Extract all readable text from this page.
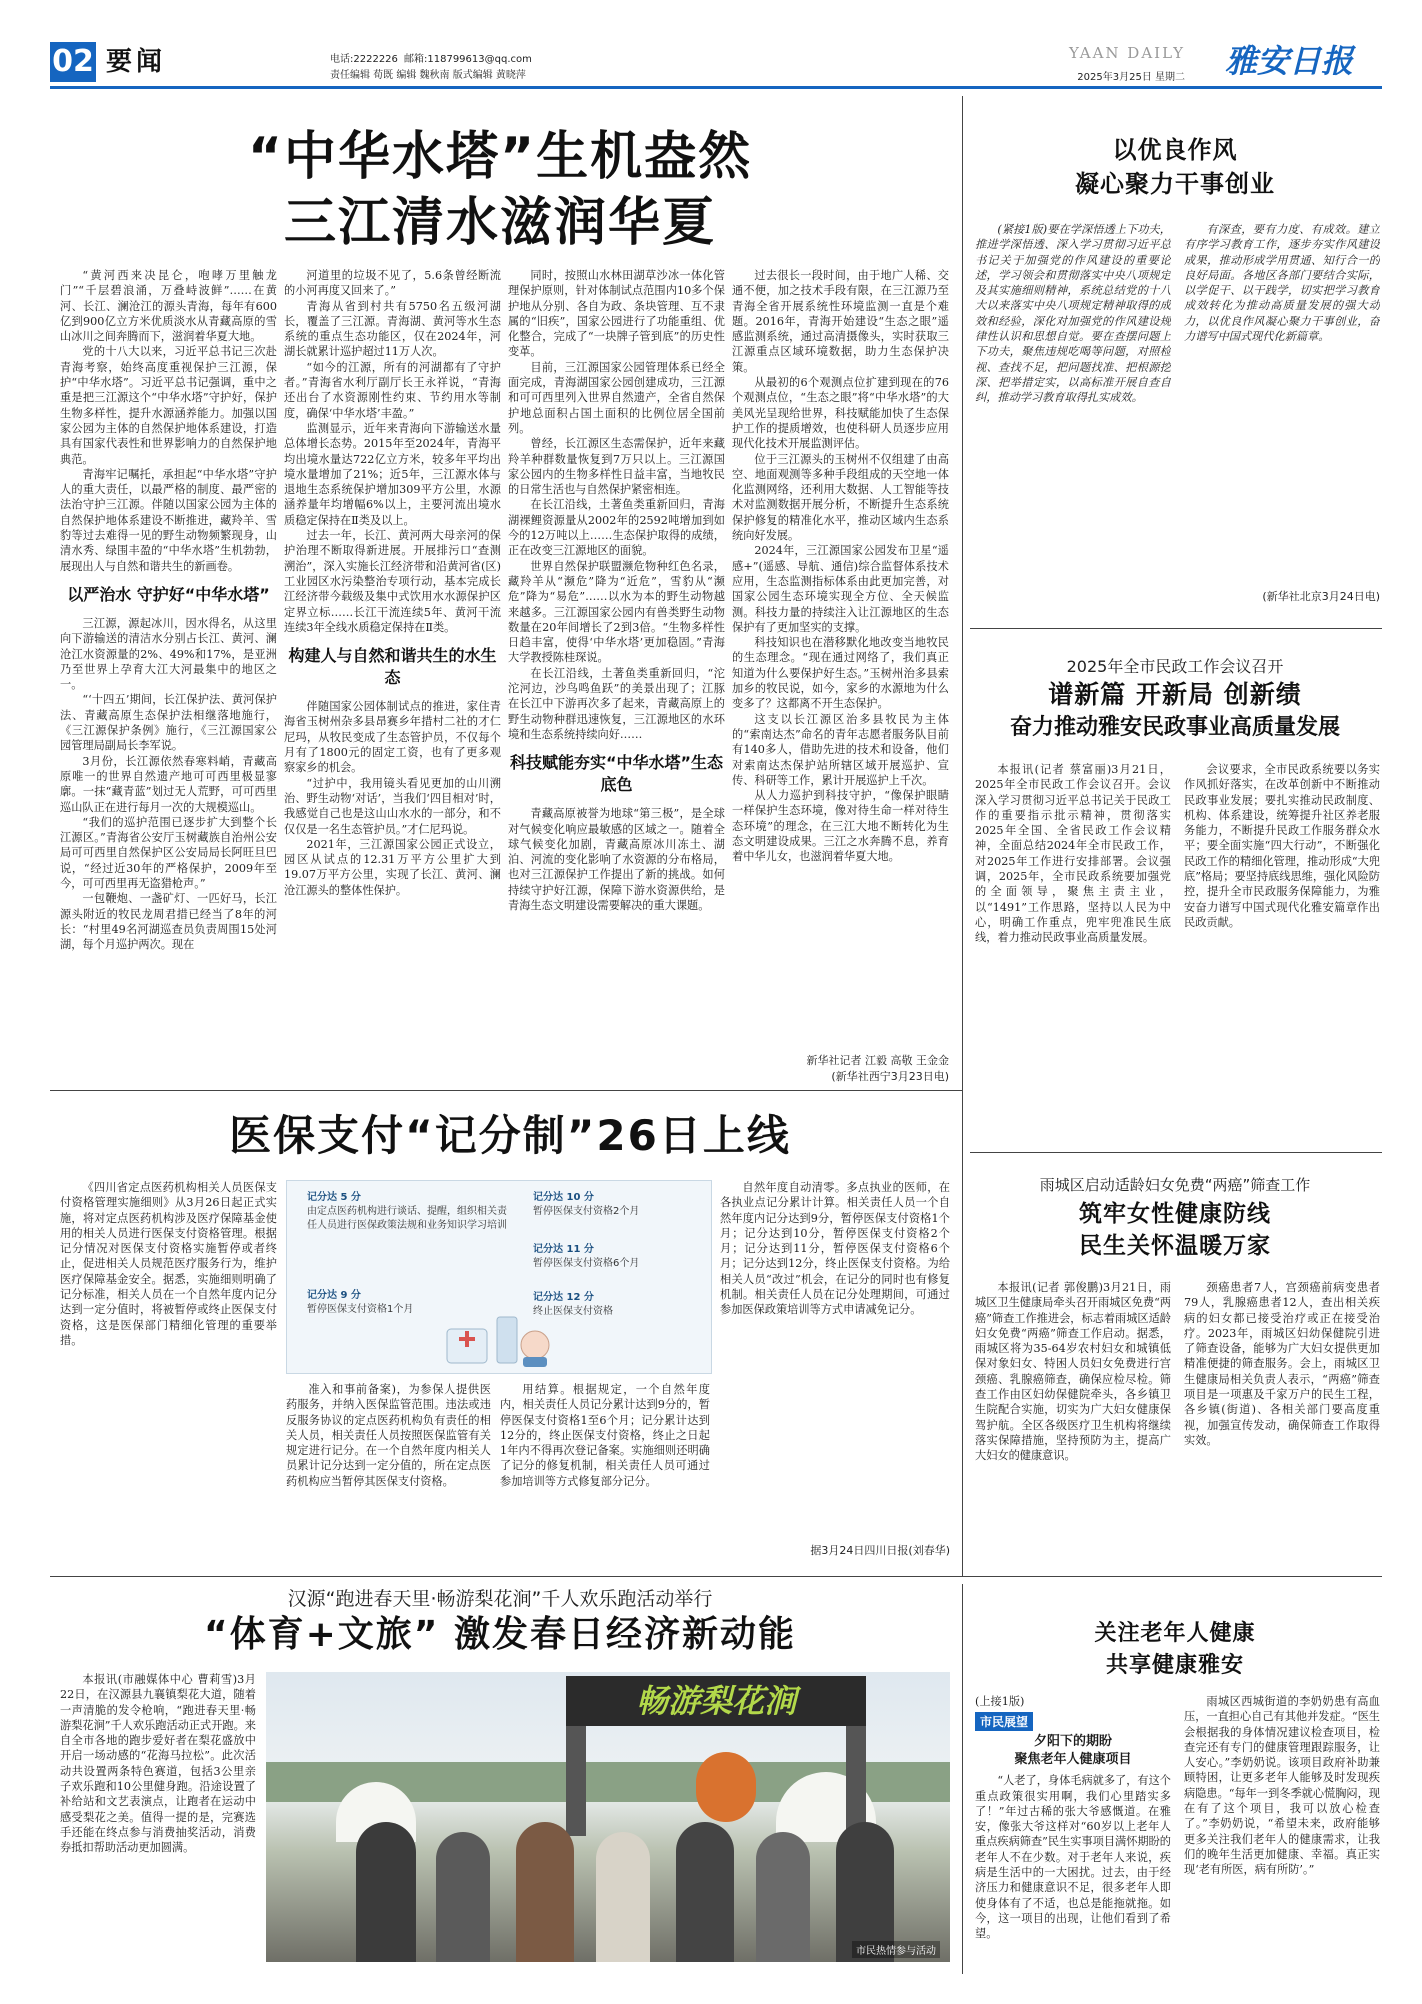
02 要闻	电话:2222226 邮箱:118799613@qq.com
责任编辑 荀既 编辑 魏秋南 版式编辑 黄晓萍
YAAN DAILY
2025年3月25日 星期二	雅安日报
“中华水塔”生机盎然
三江清水滋润华夏

“黄河西来决昆仑，咆哮万里触龙门”“千层碧浪涌，万叠峙波鲜”……在黄河、长江、澜沧江的源头青海，每年有600亿到900亿立方米优质淡水从青藏高原的雪山冰川之间奔腾而下，滋润着华夏大地。

党的十八大以来，习近平总书记三次赴青海考察，始终高度重视保护三江源，保护“中华水塔”。习近平总书记强调，重中之重是把三江源这个“中华水塔”守护好，保护生物多样性，提升水源涵养能力。加强以国家公园为主体的自然保护地体系建设，打造具有国家代表性和世界影响力的自然保护地典范。

青海牢记嘱托，承担起“中华水塔”守护人的重大责任，以最严格的制度、最严密的法治守护三江源。伴随以国家公园为主体的自然保护地体系建设不断推进，藏羚羊、雪豹等过去难得一见的野生动物频繁现身，山清水秀、绿围丰盈的“中华水塔”生机勃勃，展现出人与自然和谐共生的新画卷。

以严治水 守护好“中华水塔”

三江源，源起冰川，因水得名，从这里向下游输送的清洁水分别占长江、黄河、澜沧江水资源量的2%、49%和17%，是亚洲乃至世界上孕育大江大河最集中的地区之一。

“‘十四五’期间，长江保护法、黄河保护法、青藏高原生态保护法相继落地施行，《三江源保护条例》施行，《三江源国家公园管理局副局长李军说。

3月份，长江源依然春寒料峭，青藏高原唯一的世界自然遗产地可可西里极显寥廓。一抹“藏青蓝”划过无人荒野，可可西里巡山队正在进行每月一次的大规模巡山。

“我们的巡护范围已逐步扩大到整个长江源区。”青海省公安厅玉树藏族自治州公安局可可西里自然保护区公安局局长阿旺旦巴说，“经过近30年的严格保护，2009年至今，可可西里再无盗猎枪声。”

一包鞭炮、一盏矿灯、一匹好马，长江源头附近的牧民龙周君措已经当了8年的河长：“村里49名河湖巡查员负责周围15处河湖，每个月巡护两次。现在

河道里的垃圾不见了，5.6条曾经断流的小河再度又回来了。”

青海从省到村共有5750名五级河湖长，覆盖了三江源。青海湖、黄河等水生态系统的重点生态功能区，仅在2024年，河湖长就累计巡护超过11万人次。

“如今的江源，所有的河湖都有了守护者。”青海省水利厅副厅长王永祥说，“青海还出台了水资源刚性约束、节约用水等制度，确保‘中华水塔’丰盈。”

监测显示，近年来青海向下游输送水量总体增长态势。2015年至2024年，青海平均出境水量达722亿立方米，较多年平均出境水量增加了21%；近5年，三江源水体与退地生态系统保护增加309平方公里，水源涵养量年均增幅6%以上，主要河流出境水质稳定保持在Ⅱ类及以上。

过去一年，长江、黄河两大母亲河的保护治理不断取得新进展。开展排污口“查测溯治”，深入实施长江经济带和沿黄河省(区)工业园区水污染整治专项行动，基本完成长江经济带今载级及集中式饮用水水源保护区定界立标……长江干流连续5年、黄河干流连续3年全线水质稳定保持在Ⅱ类。

构建人与自然和谐共生的水生态

伴随国家公园体制试点的推进，家住青海省玉树州杂多县昂赛乡年措村二社的才仁尼玛，从牧民变成了生态管护员，不仅每个月有了1800元的固定工资，也有了更多观察家乡的机会。

“过护中，我用镜头看见更加的山川溯治、野生动物‘对话’，当我们‘四目相对’时，我感觉自己也是这山山水水的一部分，和不仅仅是一名生态管护员。”才仁尼玛说。

2021年，三江源国家公园正式设立，园区从试点的12.31万平方公里扩大到19.07万平方公里，实现了长江、黄河、澜沧江源头的整体性保护。

同时，按照山水林田湖草沙冰一体化管理保护原则，针对体制试点范围内10多个保护地从分别、各自为政、条块管理、互不隶属的“旧疾”，国家公园进行了功能重组、优化整合，完成了“一块牌子管到底”的历史性变革。

目前，三江源国家公园管理体系已经全面完成，青海湖国家公园创建成功，三江源和可可西里列入世界自然遗产，全省自然保护地总面积占国土面积的比例位居全国前列。

曾经，长江源区生态需保护，近年来藏羚羊种群数量恢复到7万只以上。三江源国家公园内的生物多样性日益丰富，当地牧民的日常生活也与自然保护紧密相连。

在长江沿线，土著鱼类重新回归，青海湖裸鲤资源量从2002年的2592吨增加到如今的12万吨以上……生态保护取得的成绩，正在改变三江源地区的面貌。

世界自然保护联盟濒危物种红色名录，藏羚羊从“濒危”降为“近危”，雪豹从“濒危”降为“易危”……以水为本的野生动物越来越多。三江源国家公园内有兽类野生动物数量在20年间增长了2到3倍。“生物多样性日趋丰富，使得‘中华水塔’更加稳固。”青海大学教授陈桂琛说。

在长江沿线，土著鱼类重新回归，“沱沱河边，沙鸟鸣鱼跃”的美景出现了；江豚在长江中下游再次多了起来，青藏高原上的野生动物种群迅速恢复，三江源地区的水环境和生态系统持续向好……

科技赋能夯实“中华水塔”生态底色

青藏高原被誉为地球“第三极”，是全球对气候变化响应最敏感的区域之一。随着全球气候变化加剧，青藏高原冰川冻土、湖泊、河流的变化影响了水资源的分布格局，也对三江源保护工作提出了新的挑战。如何持续守护好江源，保障下游水资源供给，是青海生态文明建设需要解决的重大课题。

过去很长一段时间，由于地广人稀、交通不便，加之技术手段有限，在三江源乃至青海全省开展系统性环境监测一直是个难题。2016年，青海开始建设“生态之眼”遥感监测系统，通过高清摄像头，实时获取三江源重点区域环境数据，助力生态保护决策。

从最初的6个观测点位扩建到现在的76个观测点位，“生态之眼”将“中华水塔”的大美风光呈现给世界，科技赋能加快了生态保护工作的提质增效，也使科研人员逐步应用现代化技术开展监测评估。

位于三江源头的玉树州不仅组建了由高空、地面观测等多种手段组成的天空地一体化监测网络，还利用大数据、人工智能等技术对监测数据开展分析，不断提升生态系统保护修复的精准化水平，推动区域内生态系统向好发展。

2024年，三江源国家公园发布卫星“遥感+”(遥感、导航、通信)综合监督体系技术应用，生态监测指标体系由此更加完善，对国家公园生态环境实现全方位、全天候监测。科技力量的持续注入让江源地区的生态保护有了更加坚实的支撑。

科技知识也在潜移默化地改变当地牧民的生态理念。“现在通过网络了，我们真正知道为什么要保护好生态。”玉树州治多县索加乡的牧民说，如今，家乡的水源地为什么变多了？这都离不开生态保护。

这支以长江源区治多县牧民为主体的“索南达杰”命名的青年志愿者服务队目前有140多人，借助先进的技术和设备，他们对索南达杰保护站所辖区域开展巡护、宣传、科研等工作，累计开展巡护上千次。

从人力巡护到科技守护，“像保护眼睛一样保护生态环境，像对待生命一样对待生态环境”的理念，在三江大地不断转化为生态文明建设成果。三江之水奔腾不息，养育着中华儿女，也滋润着华夏大地。

新华社记者 江毅 高敬 王金金
(新华社西宁3月23日电)
以优良作风
凝心聚力干事创业

(紧接1版)要在学深悟透上下功夫，推进学深悟透、深入学习贯彻习近平总书记关于加强党的作风建设的重要论述，学习领会和贯彻落实中央八项规定及其实施细则精神，系统总结党的十八大以来落实中央八项规定精神取得的成效和经验，深化对加强党的作风建设规律性认识和思想自觉。要在查摆问题上下功夫，聚焦违规吃喝等问题，对照检视、查找不足，把问题找准、把根源挖深、把举措定实，以高标准开展自查自纠，推动学习教育取得扎实成效。

有深查，要有力度、有成效。建立有序学习教育工作，逐步夯实作风建设成果，推动形成学用贯通、知行合一的良好局面。各地区各部门要结合实际，以学促干、以干践学，切实把学习教育成效转化为推动高质量发展的强大动力，以优良作风凝心聚力干事创业，奋力谱写中国式现代化新篇章。

(新华社北京3月24日电)
2025年全市民政工作会议召开
谱新篇 开新局 创新绩
奋力推动雅安民政事业高质量发展

本报讯(记者 蔡富丽)3月21日，2025年全市民政工作会议召开。会议深入学习贯彻习近平总书记关于民政工作的重要指示批示精神，贯彻落实2025年全国、全省民政工作会议精神，全面总结2024年全市民政工作，对2025年工作进行安排部署。会议强调，2025年，全市民政系统要加强党的全面领导，聚焦主责主业，以“1491”工作思路，坚持以人民为中心，明确工作重点，兜牢兜准民生底线，着力推动民政事业高质量发展。

会议要求，全市民政系统要以务实作风抓好落实，在改革创新中不断推动民政事业发展；要扎实推动民政制度、机构、体系建设，统筹提升社区养老服务能力，不断提升民政工作服务群众水平；要全面实施“四大行动”，不断强化民政工作的精细化管理，推动形成“大兜底”格局；要坚持底线思维，强化风险防控，提升全市民政服务保障能力，为雅安奋力谱写中国式现代化雅安篇章作出民政贡献。

医保支付“记分制”26日上线

《四川省定点医药机构相关人员医保支付资格管理实施细则》从3月26日起正式实施，将对定点医药机构涉及医疗保障基金使用的相关人员进行医保支付资格管理。根据记分情况对医保支付资格实施暂停或者终止，促进相关人员规范医疗服务行为，维护医疗保障基金安全。据悉，实施细则明确了记分标准，相关人员在一个自然年度内记分达到一定分值时，将被暂停或终止医保支付资格，这是医保部门精细化管理的重要举措。

记分达 5 分
由定点医药机构进行谈话、提醒，组织相关责任人员进行医保政策法规和业务知识学习培训
记分达 9 分
暂停医保支付资格1个月
记分达 10 分
暂停医保支付资格2个月
记分达 11 分
暂停医保支付资格6个月
记分达 12 分
终止医保支付资格

准入和事前备案)，为参保人提供医药服务，并纳入医保监管范围。违法或违反服务协议的定点医药机构负有责任的相关人员，相关责任人员按照医保监管有关规定进行记分。在一个自然年度内相关人员累计记分达到一定分值的，所在定点医药机构应当暂停其医保支付资格。

用结算。根据规定，一个自然年度内，相关责任人员记分累计达到9分的，暂停医保支付资格1至6个月；记分累计达到12分的，终止医保支付资格，终止之日起1年内不得再次登记备案。实施细则还明确了记分的修复机制，相关责任人员可通过参加培训等方式修复部分记分。

自然年度自动清零。多点执业的医师，在各执业点记分累计计算。相关责任人员一个自然年度内记分达到9分，暂停医保支付资格1个月；记分达到10分，暂停医保支付资格2个月；记分达到11分，暂停医保支付资格6个月；记分达到12分，终止医保支付资格。为给相关人员“改过”机会，在记分的同时也有修复机制。相关责任人员在记分处理期间，可通过参加医保政策培训等方式申请减免记分。

据3月24日四川日报(刘春华)
雨城区启动适龄妇女免费“两癌”筛查工作
筑牢女性健康防线
民生关怀温暖万家

本报讯(记者 郭俊鹏)3月21日，雨城区卫生健康局牵头召开雨城区免费“两癌”筛查工作推进会，标志着雨城区适龄妇女免费“两癌”筛查工作启动。据悉，雨城区将为35-64岁农村妇女和城镇低保对象妇女、特困人员妇女免费进行宫颈癌、乳腺癌筛查，确保应检尽检。筛查工作由区妇幼保健院牵头，各乡镇卫生院配合实施，切实为广大妇女健康保驾护航。全区各级医疗卫生机构将继续落实保障措施，坚持预防为主，提高广大妇女的健康意识。

颈癌患者7人，宫颈癌前病变患者79人，乳腺癌患者12人，查出相关疾病的妇女都已接受治疗或正在接受治疗。2023年，雨城区妇幼保健院引进了筛查设备，能够为广大妇女提供更加精准便捷的筛查服务。会上，雨城区卫生健康局相关负责人表示，“两癌”筛查项目是一项惠及千家万户的民生工程，各乡镇(街道)、各相关部门要高度重视，加强宣传发动，确保筛查工作取得实效。

汉源“跑进春天里·畅游梨花涧”千人欢乐跑活动举行
“体育+文旅” 激发春日经济新动能

本报讯(市融媒体中心 曹莉雪)3月22日，在汉源县九襄镇梨花大道，随着一声清脆的发令枪响，“跑进春天里·畅游梨花涧”千人欢乐跑活动正式开跑。来自全市各地的跑步爱好者在梨花盛放中开启一场动感的“花海马拉松”。此次活动共设置两条特色赛道，包括3公里亲子欢乐跑和10公里健身跑。沿途设置了补给站和文艺表演点，让跑者在运动中感受梨花之美。值得一提的是，完赛选手还能在终点参与消费抽奖活动，消费券抵扣帮助活动更加圆满。

畅游梨花涧
市民热情参与活动
关注老年人健康
共享健康雅安
(上接1版)
市民展望
夕阳下的期盼
聚焦老年人健康项目

“人老了，身体毛病就多了，有这个重点政策很实用啊，我们心里踏实多了！”年过古稀的张大爷感慨道。在雅安，像张大爷这样对“60岁以上老年人重点疾病筛查”民生实事项目满怀期盼的老年人不在少数。对于老年人来说，疾病是生活中的一大困扰。过去，由于经济压力和健康意识不足，很多老年人即使身体有了不适，也总是能拖就拖。如今，这一项目的出现，让他们看到了希望。

雨城区西城街道的李奶奶患有高血压，一直担心自己有其他并发症。“医生会根据我的身体情况建议检查项目，检查完还有专门的健康管理跟踪服务，让人安心。”李奶奶说。该项目政府补助兼顾特困，让更多老年人能够及时发现疾病隐患。“每年一到冬季就心慌胸闷，现在有了这个项目，我可以放心检查了。”李奶奶说，“希望未来，政府能够更多关注我们老年人的健康需求，让我们的晚年生活更加健康、幸福。真正实现‘老有所医，病有所防’。”
